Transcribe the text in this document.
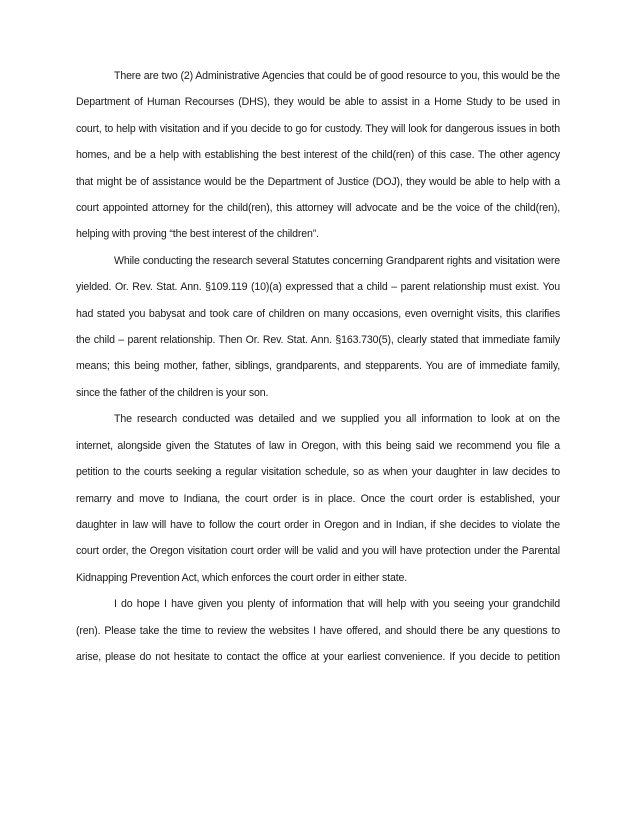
There are two (2) Administrative Agencies that could be of good resource to you, this would be the Department of Human Recourses (DHS), they would be able to assist in a Home Study to be used in court, to help with visitation and if you decide to go for custody. They will look for dangerous issues in both homes, and be a help with establishing the best interest of the child(ren) of this case. The other agency that might be of assistance would be the Department of Justice (DOJ), they would be able to help with a court appointed attorney for the child(ren), this attorney will advocate and be the voice of the child(ren), helping with proving “the best interest of the children”.

While conducting the research several Statutes concerning Grandparent rights and visitation were yielded. Or. Rev. Stat. Ann. §109.119 (10)(a) expressed that a child – parent relationship must exist. You had stated you babysat and took care of children on many occasions, even overnight visits, this clarifies the child – parent relationship. Then Or. Rev. Stat. Ann. §163.730(5), clearly stated that immediate family means; this being mother, father, siblings, grandparents, and stepparents. You are of immediate family, since the father of the children is your son.

The research conducted was detailed and we supplied you all information to look at on the internet, alongside given the Statutes of law in Oregon, with this being said we recommend you file a petition to the courts seeking a regular visitation schedule, so as when your daughter in law decides to remarry and move to Indiana, the court order is in place. Once the court order is established, your daughter in law will have to follow the court order in Oregon and in Indian, if she decides to violate the court order, the Oregon visitation court order will be valid and you will have protection under the Parental Kidnapping Prevention Act, which enforces the court order in either state.

I do hope I have given you plenty of information that will help with you seeing your grandchild (ren). Please take the time to review the websites I have offered, and should there be any questions to arise, please do not hesitate to contact the office at your earliest convenience. If you decide to petition
